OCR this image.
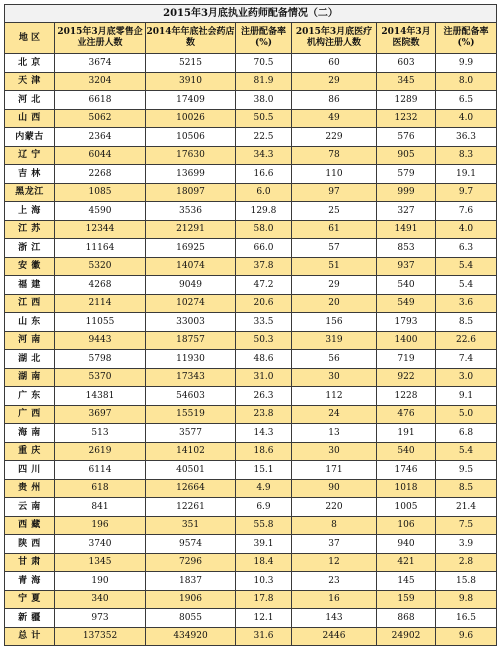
2015年3月底执业药师配备情况（二）						
地 区	2015年3月底零售企业注册人数	2014年年底社会药店数	注册配备率(%)	2015年3月底医疗机构注册人数	2014年3月医院数	注册配备率(%)
北 京	3674	5215	70.5	60	603	9.9
天 津	3204	3910	81.9	29	345	8.0
河 北	6618	17409	38.0	86	1289	6.5
山 西	5062	10026	50.5	49	1232	4.0
内蒙古	2364	10506	22.5	229	576	36.3
辽 宁	6044	17630	34.3	78	905	8.3
吉 林	2268	13699	16.6	110	579	19.1
黑龙江	1085	18097	6.0	97	999	9.7
上 海	4590	3536	129.8	25	327	7.6
江 苏	12344	21291	58.0	61	1491	4.0
浙 江	11164	16925	66.0	57	853	6.3
安 徽	5320	14074	37.8	51	937	5.4
福 建	4268	9049	47.2	29	540	5.4
江 西	2114	10274	20.6	20	549	3.6
山 东	11055	33003	33.5	156	1793	8.5
河 南	9443	18757	50.3	319	1400	22.6
湖 北	5798	11930	48.6	56	719	7.4
湖 南	5370	17343	31.0	30	922	3.0
广 东	14381	54603	26.3	112	1228	9.1
广 西	3697	15519	23.8	24	476	5.0
海 南	513	3577	14.3	13	191	6.8
重 庆	2619	14102	18.6	30	540	5.4
四 川	6114	40501	15.1	171	1746	9.5
贵 州	618	12664	4.9	90	1018	8.5
云 南	841	12261	6.9	220	1005	21.4
西 藏	196	351	55.8	8	106	7.5
陕 西	3740	9574	39.1	37	940	3.9
甘 肃	1345	7296	18.4	12	421	2.8
青 海	190	1837	10.3	23	145	15.8
宁 夏	340	1906	17.8	16	159	9.8
新 疆	973	8055	12.1	143	868	16.5
总 计	137352	434920	31.6	2446	24902	9.6
